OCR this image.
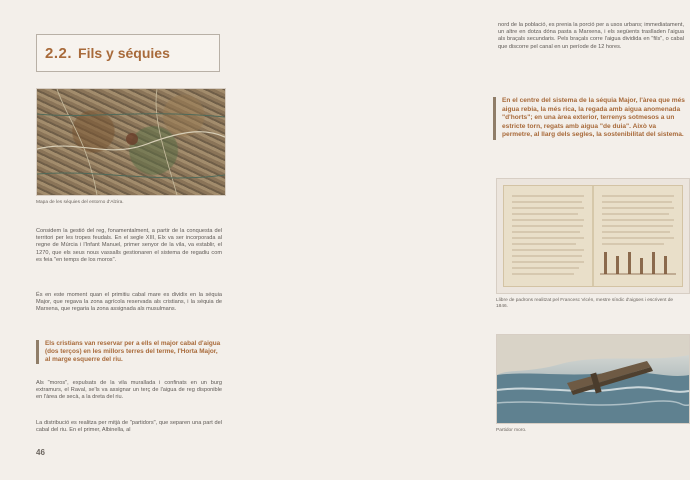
2.2. Fils y séquies
Mapa de les séquies del entorno d'Alzira.
Considem la gestió del reg, fonamentalment, a partir de la conquesta del territori per les tropes feudals. En el segle XIII, Elx va ser incorporada al regne de Múrcia i l'Infant Manuel, primer senyor de la vila, va establir, el 1270, que els seus nous vassalls gestionaren el sistema de regadiu com es feia "en temps de los moros".
És en este moment quan el primitiu cabal mare es dividix en la séquia Major, que regava la zona agrícola reservada als cristians, i la séquia de Marxena, que regaria la zona assignada als musulmans.
Els cristians van reservar per a ells el major cabal d'aigua (dos terços) en les millors terres del terme, l'Horta Major, al marge esquerre del riu.
Als "moros", expulsats de la vila murallada i confinats en un burg extramurs, el Raval, se'ls va assignar un terç de l'aigua de reg disponible en l'àrea de secà, a la dreta del riu.
La distribució es realitza per mitjà de "partidors", que separen una part del cabal del riu. En el primer, Albinella, al
46
nord de la població, es prenia la porció per a usos urbans; immediatament, un altre en dotza dóna pasta a Marxena, i els següents traslladen l'aigua als braçals secundaris. Pels braçals corre l'aigua dividida en "fils", o cabal que discorre pel canal en un període de 12 hores.
En el centre del sistema de la séquia Major, l'àrea que més aigua rebia, la més rica, la regada amb aigua anomenada "d'horts"; en una àrea exterior, terrenys sotmesos a un estricte torn, regats amb aigua "de duia". Això va permetre, al llarg dels segles, la sostenibilitat del sistema.
Llibre de padrons realitzat pel Francesc Vicén, mestre síndic d'aigües i escrivent de 1846.
Partidor moro.
